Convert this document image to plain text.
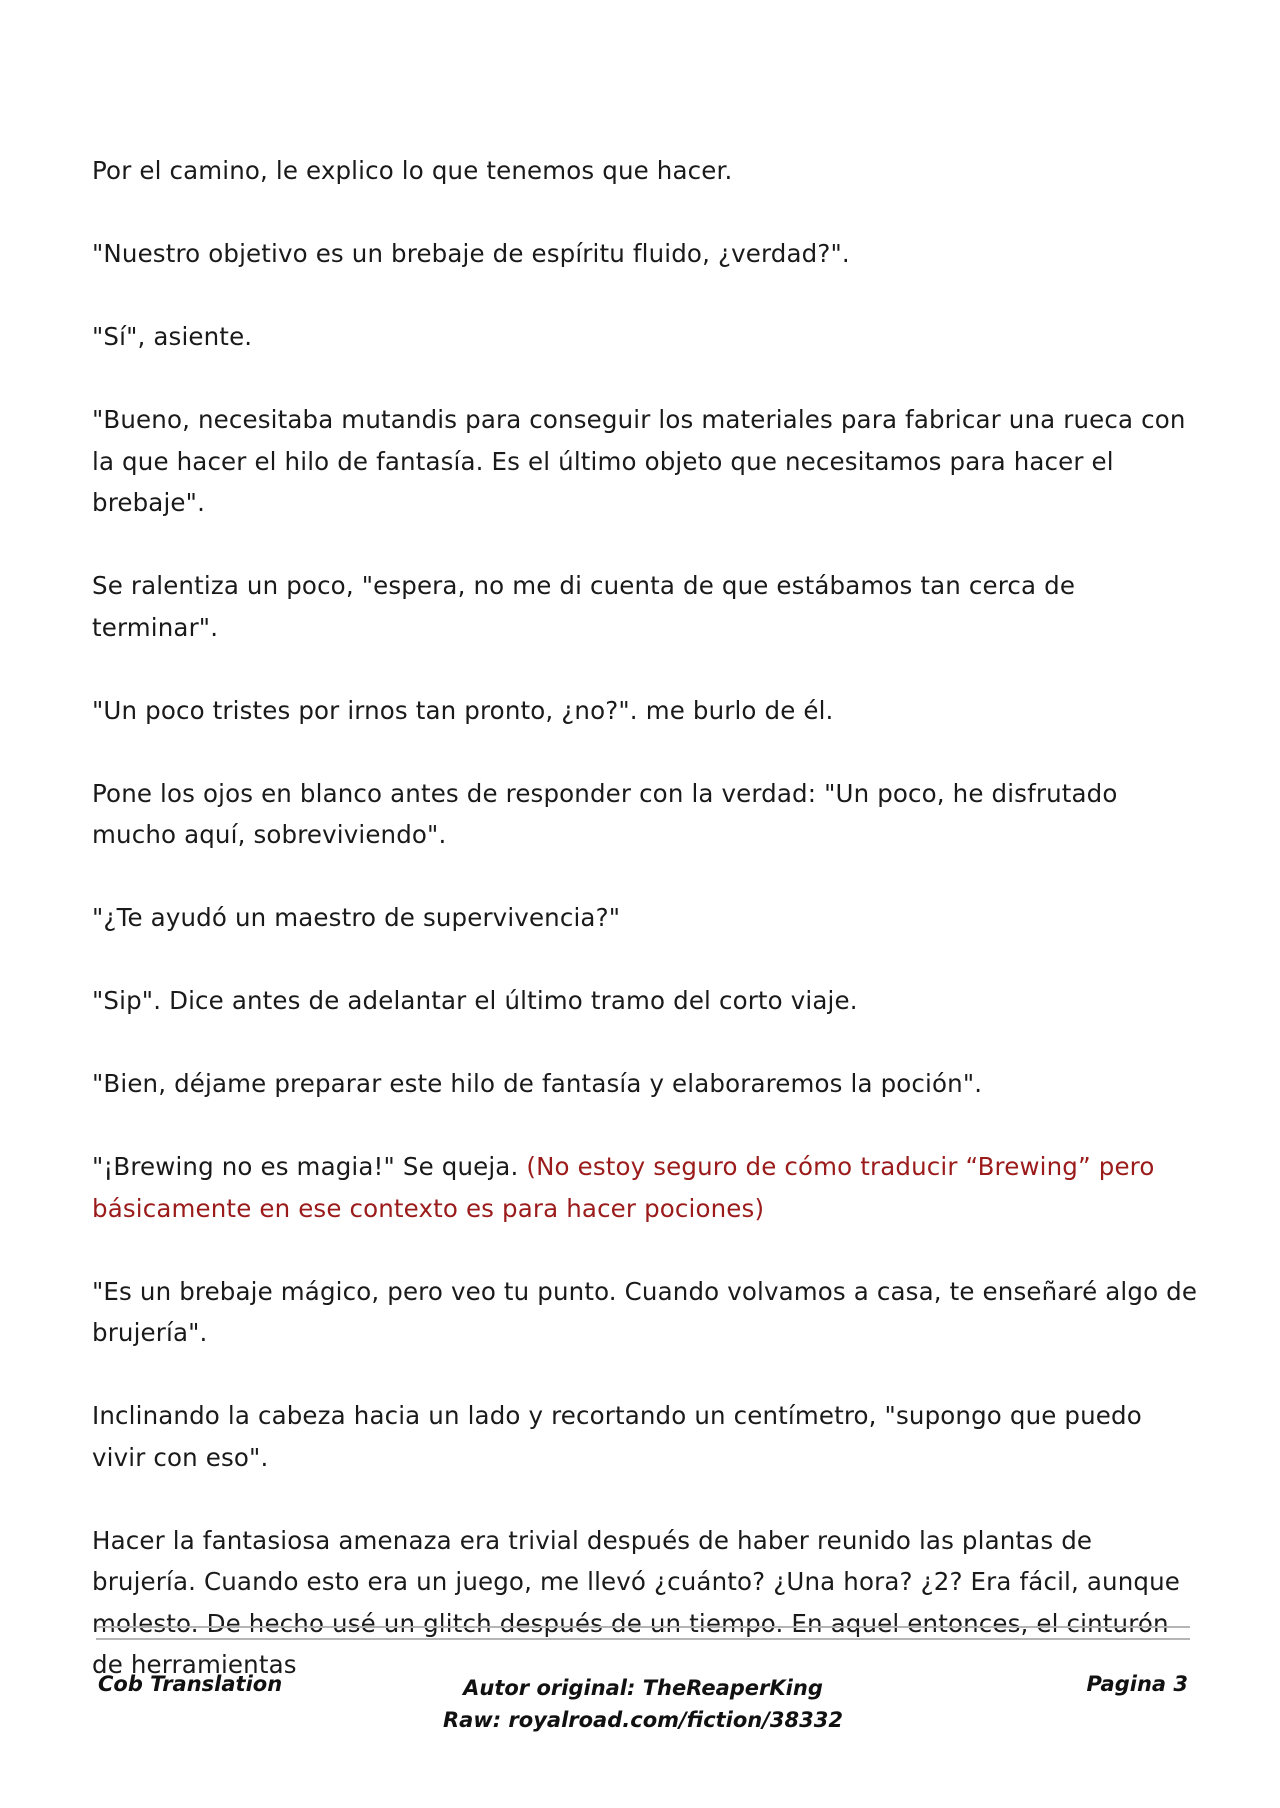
Por el camino, le explico lo que tenemos que hacer.

"Nuestro objetivo es un brebaje de espíritu fluido, ¿verdad?".

"Sí", asiente.

"Bueno, necesitaba mutandis para conseguir los materiales para fabricar una rueca con la que hacer el hilo de fantasía. Es el último objeto que necesitamos para hacer el brebaje".

Se ralentiza un poco, "espera, no me di cuenta de que estábamos tan cerca de terminar".

"Un poco tristes por irnos tan pronto, ¿no?". me burlo de él.

Pone los ojos en blanco antes de responder con la verdad: "Un poco, he disfrutado mucho aquí, sobreviviendo".

"¿Te ayudó un maestro de supervivencia?"

"Sip". Dice antes de adelantar el último tramo del corto viaje.

"Bien, déjame preparar este hilo de fantasía y elaboraremos la poción".

"¡Brewing no es magia!" Se queja. (No estoy seguro de cómo traducir “Brewing” pero básicamente en ese contexto es para hacer pociones)

"Es un brebaje mágico, pero veo tu punto. Cuando volvamos a casa, te enseñaré algo de brujería".

Inclinando la cabeza hacia un lado y recortando un centímetro, "supongo que puedo vivir con eso".

Hacer la fantasiosa amenaza era trivial después de haber reunido las plantas de brujería. Cuando esto era un juego, me llevó ¿cuánto? ¿Una hora? ¿2? Era fácil, aunque molesto. De hecho usé un glitch después de un tiempo. En aquel entonces, el cinturón de herramientas

Cob Translation	Autor original: TheReaperKing
Raw: royalroad.com/fiction/38332
Pagina 3
